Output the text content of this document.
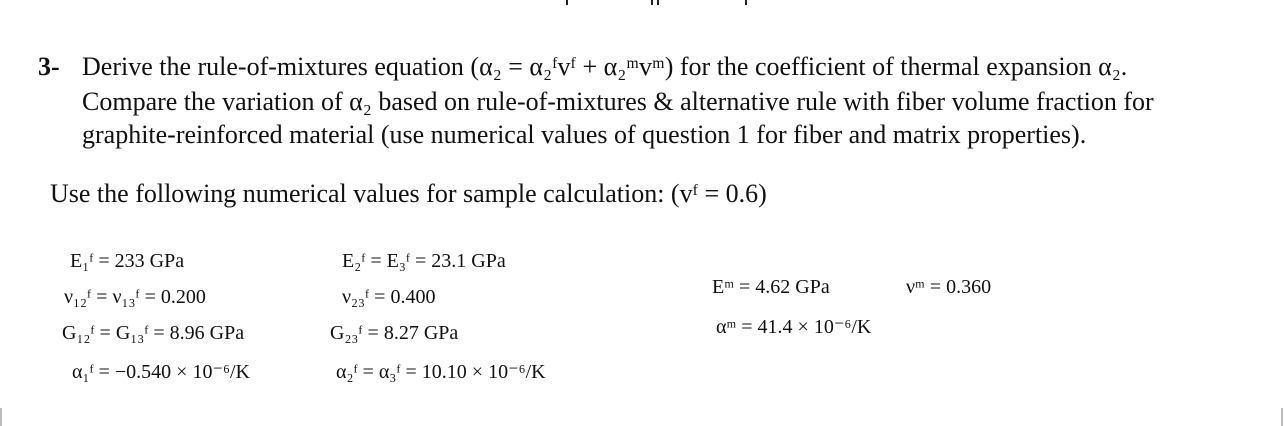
3- Derive the rule-of-mixtures equation (α₂ = α₂ᶠvᶠ + α₂ᵐvᵐ) for the coefficient of thermal expansion α₂.
Compare the variation of α₂ based on rule-of-mixtures & alternative rule with fiber volume fraction for
graphite-reinforced material (use numerical values of question 1 for fiber and matrix properties).
Use the following numerical values for sample calculation: (vᶠ = 0.6)
E₁ᶠ = 233 GPa
ν₁₂ᶠ = ν₁₃ᶠ = 0.200
G₁₂ᶠ = G₁₃ᶠ = 8.96 GPa
α₁ᶠ = −0.540 × 10⁻⁶/K
E₂ᶠ = E₃ᶠ = 23.1 GPa
ν₂₃ᶠ = 0.400
G₂₃ᶠ = 8.27 GPa
α₂ᶠ = α₃ᶠ = 10.10 × 10⁻⁶/K
Eᵐ = 4.62 GPa	νᵐ = 0.360
αᵐ = 41.4 × 10⁻⁶/K
